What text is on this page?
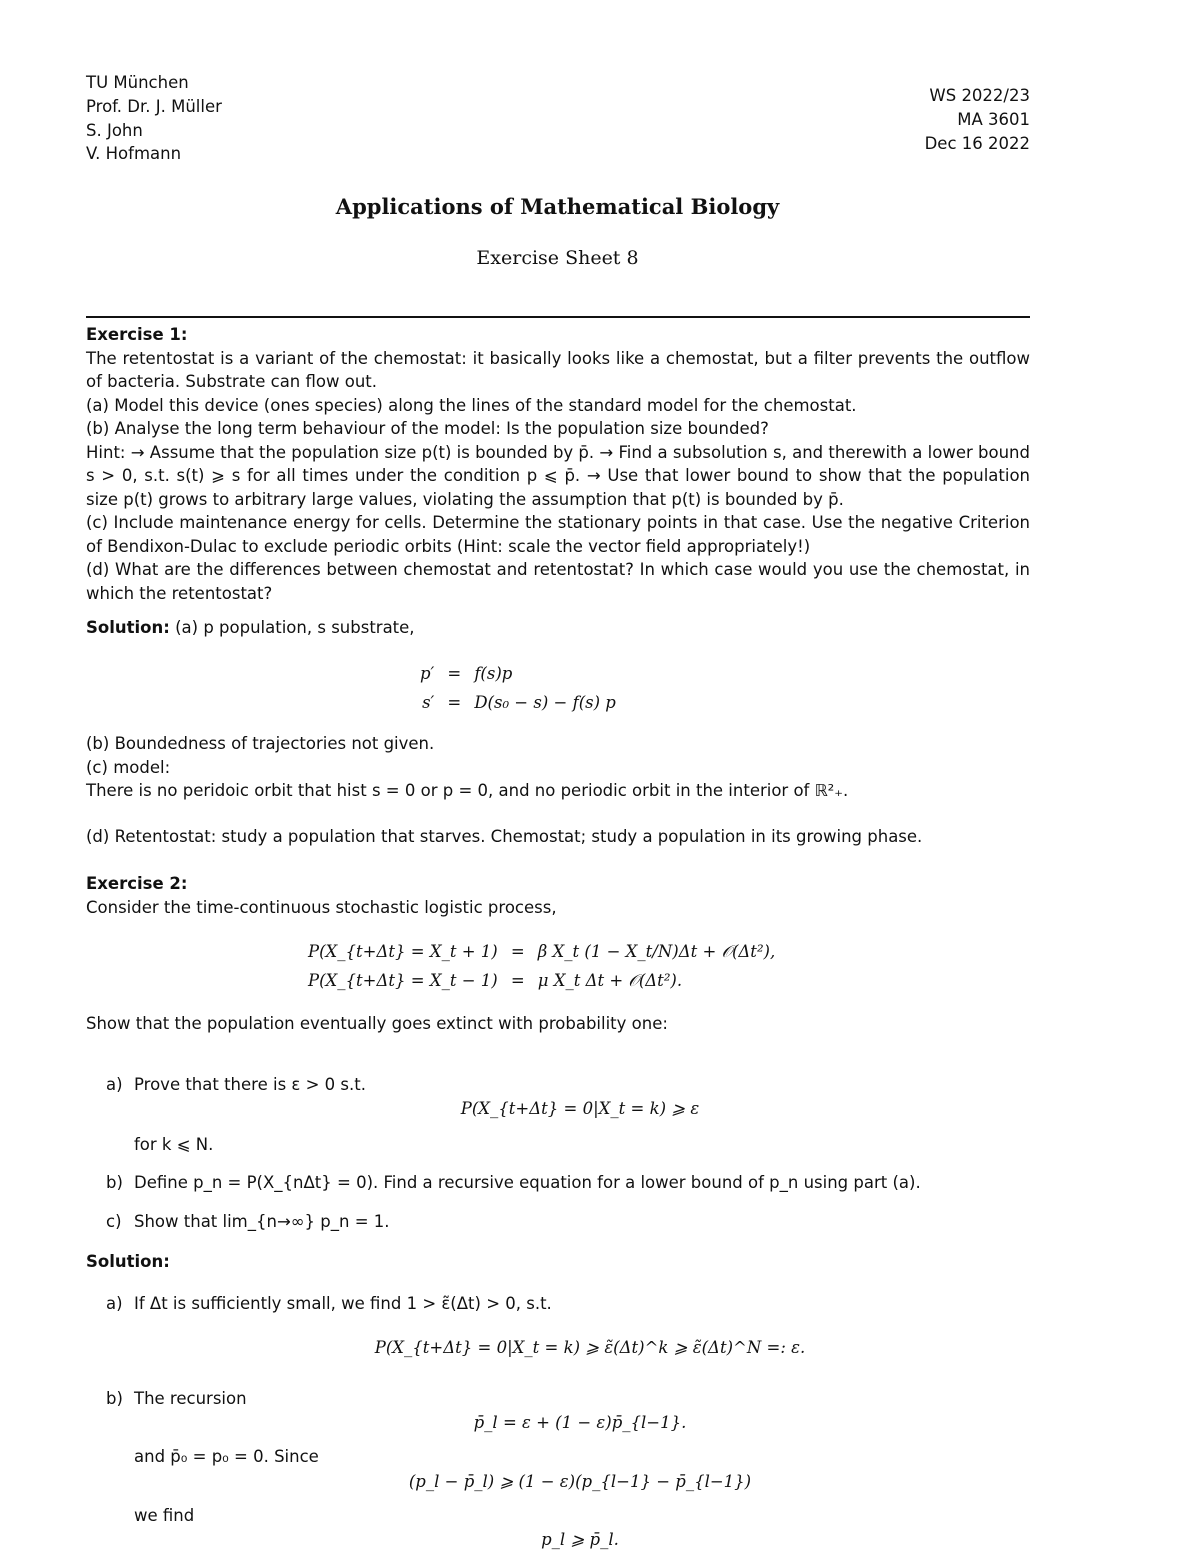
TU München
Prof. Dr. J. Müller
S. John
V. Hofmann
WS 2022/23
MA 3601
Dec 16 2022
Applications of Mathematical Biology
Exercise Sheet 8
Exercise 1:
The retentostat is a variant of the chemostat: it basically looks like a chemostat, but a filter prevents the outflow of bacteria. Substrate can flow out.
(a) Model this device (ones species) along the lines of the standard model for the chemostat.
(b) Analyse the long term behaviour of the model: Is the population size bounded?
Hint: → Assume that the population size p(t) is bounded by p̄. → Find a subsolution s, and therewith a lower bound s > 0, s.t. s(t) ⩾ s for all times under the condition p ⩽ p̄. → Use that lower bound to show that the population size p(t) grows to arbitrary large values, violating the assumption that p(t) is bounded by p̄.
(c) Include maintenance energy for cells. Determine the stationary points in that case. Use the negative Criterion of Bendixon-Dulac to exclude periodic orbits (Hint: scale the vector field appropriately!)
(d) What are the differences between chemostat and retentostat? In which case would you use the chemostat, in which the retentostat?
Solution: (a) p population, s substrate,
p′ = f(s)p
s′ = D(s₀ − s) − f(s) p
(b) Boundedness of trajectories not given.
(c) model:
There is no peridoic orbit that hist s = 0 or p = 0, and no periodic orbit in the interior of ℝ²₊.
(d) Retentostat: study a population that starves. Chemostat; study a population in its growing phase.
Exercise 2:
Consider the time-continuous stochastic logistic process,
P(X_{t+Δt} = X_t + 1) = β X_t (1 − X_t/N)Δt + 𝒪(Δt²),
P(X_{t+Δt} = X_t − 1) = μ X_t Δt + 𝒪(Δt²).
Show that the population eventually goes extinct with probability one:
a) Prove that there is ε > 0 s.t.
P(X_{t+Δt} = 0|X_t = k) ⩾ ε
for k ⩽ N.
b) Define p_n = P(X_{nΔt} = 0). Find a recursive equation for a lower bound of p_n using part (a).
c) Show that lim_{n→∞} p_n = 1.
Solution:
a) If Δt is sufficiently small, we find 1 > ε̃(Δt) > 0, s.t.
P(X_{t+Δt} = 0|X_t = k) ⩾ ε̃(Δt)^k ⩾ ε̃(Δt)^N =: ε.
b) The recursion
p̄_l = ε + (1 − ε)p̄_{l−1}.
and p̄₀ = p₀ = 0. Since
(p_l − p̄_l) ⩾ (1 − ε)(p_{l−1} − p̄_{l−1})
we find
p_l ⩾ p̄_l.
